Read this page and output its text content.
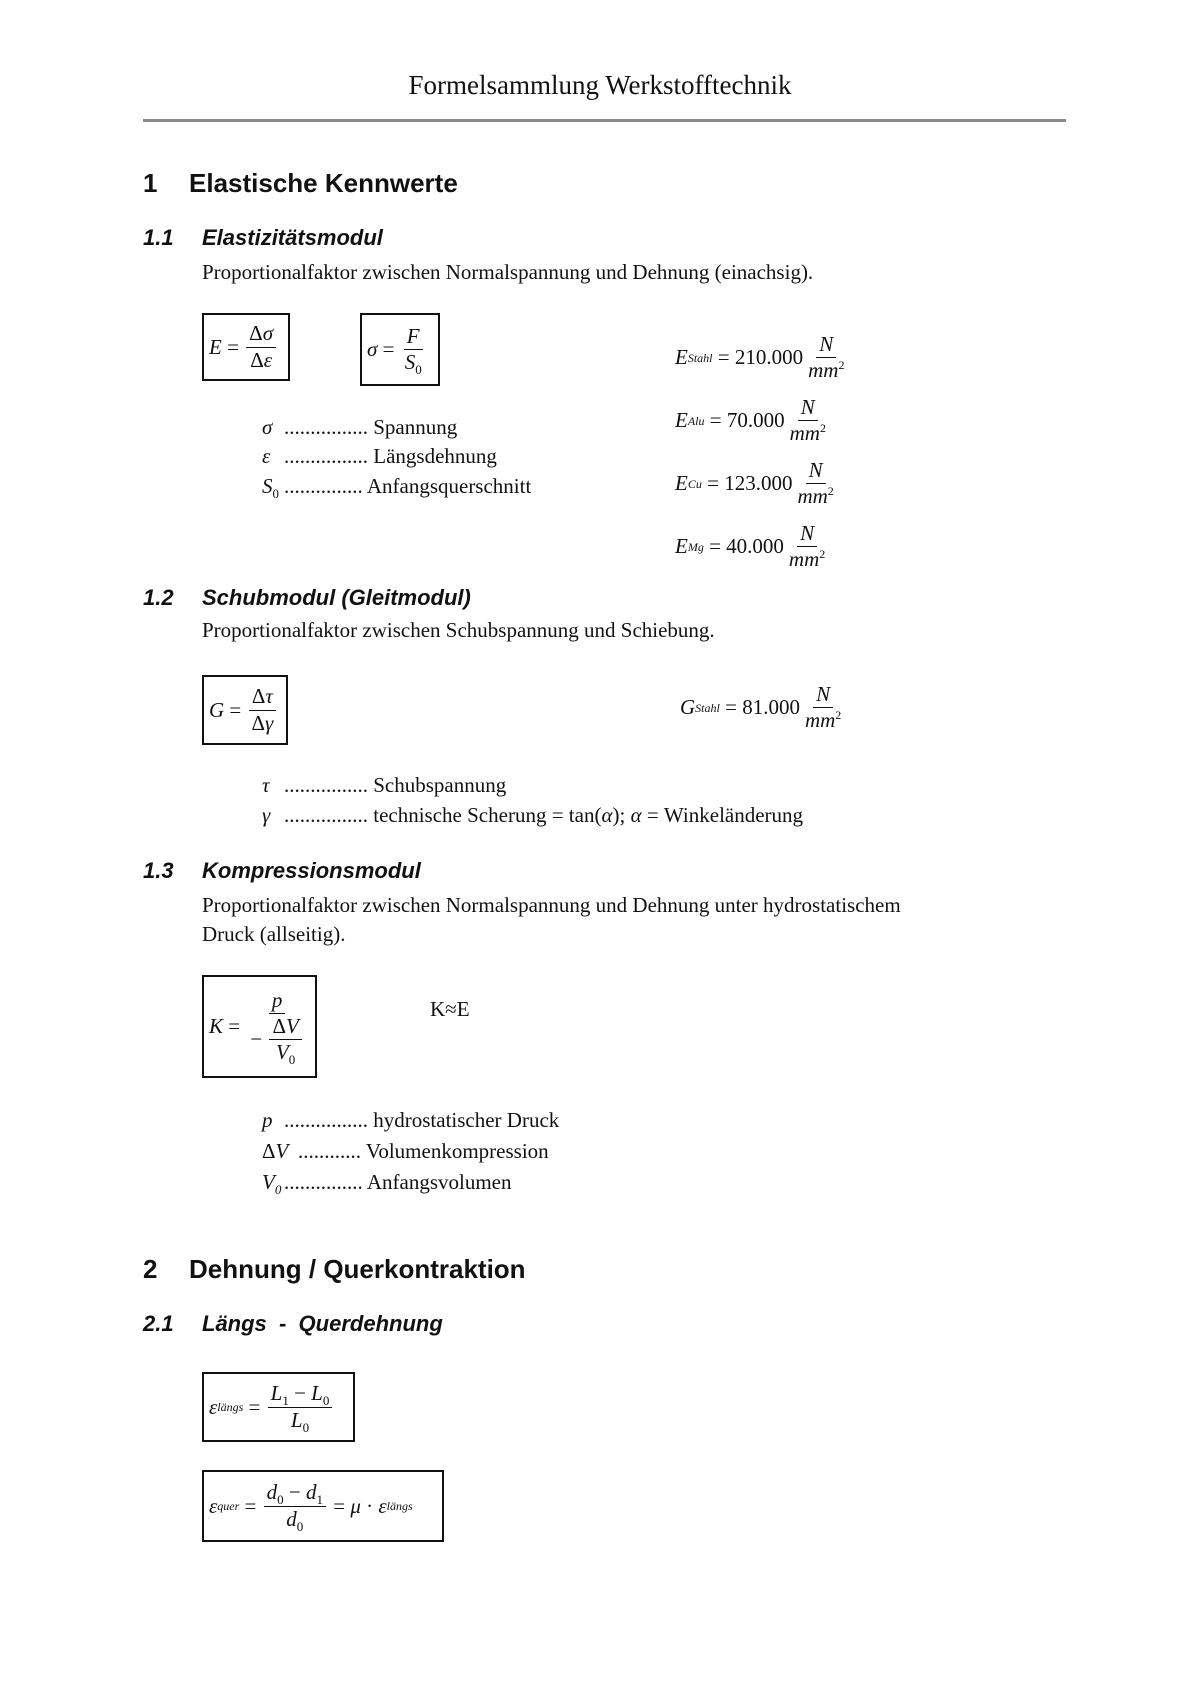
Formelsammlung Werkstofftechnik
1 Elastische Kennwerte
1.1 Elastizitätsmodul
Proportionalfaktor zwischen Normalspannung und Dehnung (einachsig).
$E = \frac{\Delta\sigma}{\Delta\varepsilon}$	$\sigma = \frac{F}{S_0}$
σ ................ Spannung
ε ................ Längsdehnung
$S_0$ ............... Anfangsquerschnitt
E Stahl = $210.000 \frac{N}{mm^2}$
E Alu = $70.000 \frac{N}{mm^2}$
E $Cu = 123.000 \frac{N}{mm^2}$
E $Mg = 40.000 \frac{N}{mm^2}$
1.2 Schubmodul (Gleitmodul)
Proportionalfaktor zwischen Schubspannung und Schiebung.
$G = \frac{\Delta\tau}{\Delta\gamma}$	G Stahl = $81.000 \frac{N}{mm^2}$
τ ................ Schubspannung
γ ................ technische Scherung = tan(α); α = Winkeländerung
1.3 Kompressionsmodul
Proportionalfaktor zwischen Normalspannung und Dehnung unter hydrostatischem
Druck (allseitig).
$K = \frac{p}{- \frac{\Delta V}{V_0}}$	K≈E
p ................ hydrostatischer Druck
ΔV ............ Volumenkompression
$V_0$ ............... Anfangsvolumen
2 Dehnung / Querkontraktion
2.1 Längs  -  Querdehnung
ε längs = $\frac{L_1 - L_0}{L_0}$
ε quer = $\frac{d_0 - d_1}{d_0} = \mu \cdot \varepsilon$ längs
